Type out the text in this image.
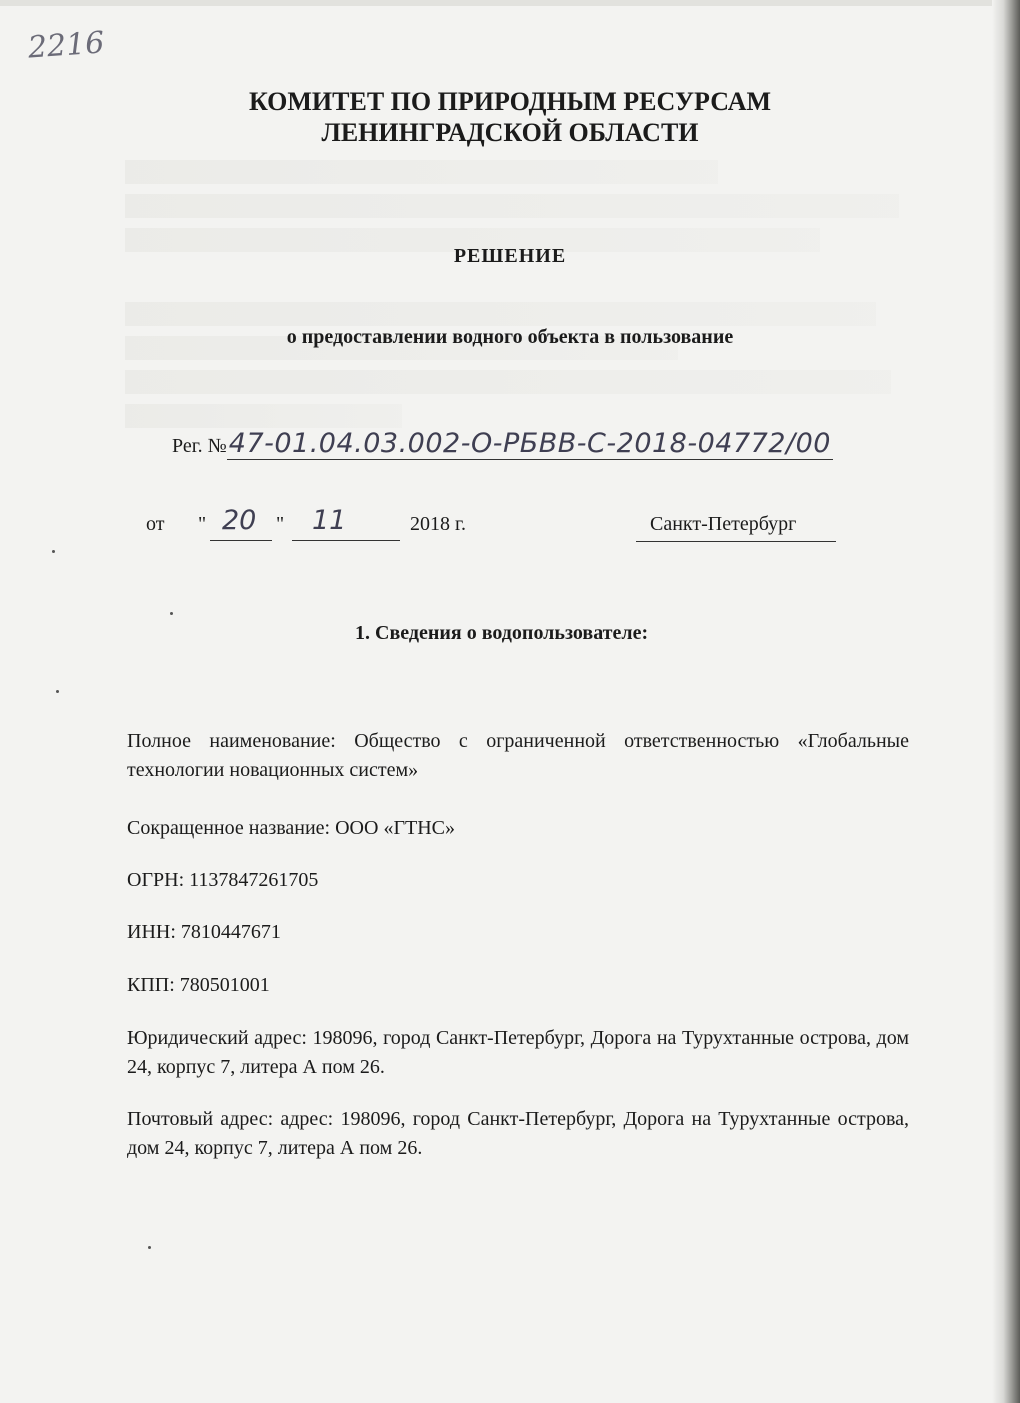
2216
КОМИТЕТ ПО ПРИРОДНЫМ РЕСУРСАМ
ЛЕНИНГРАДСКОЙ ОБЛАСТИ
РЕШЕНИЕ
о предоставлении водного объекта в пользование
Рег. №47-01.04.03.002-О-РБВВ-С-2018-04772/00
от " 20 " 11	2018 г.	Санкт-Петербург
1. Сведения о водопользователе:
Полное наименование: Общество с ограниченной ответственностью «Глобальные технологии новационных систем»
Сокращенное название: ООО «ГТНС»
ОГРН: 1137847261705
ИНН: 7810447671
КПП: 780501001
Юридический адрес: 198096, город Санкт-Петербург, Дорога на Турухтанные острова, дом 24, корпус 7, литера А пом 26.
Почтовый адрес: адрес: 198096, город Санкт-Петербург, Дорога на Турухтанные острова, дом 24, корпус 7, литера А пом 26.
